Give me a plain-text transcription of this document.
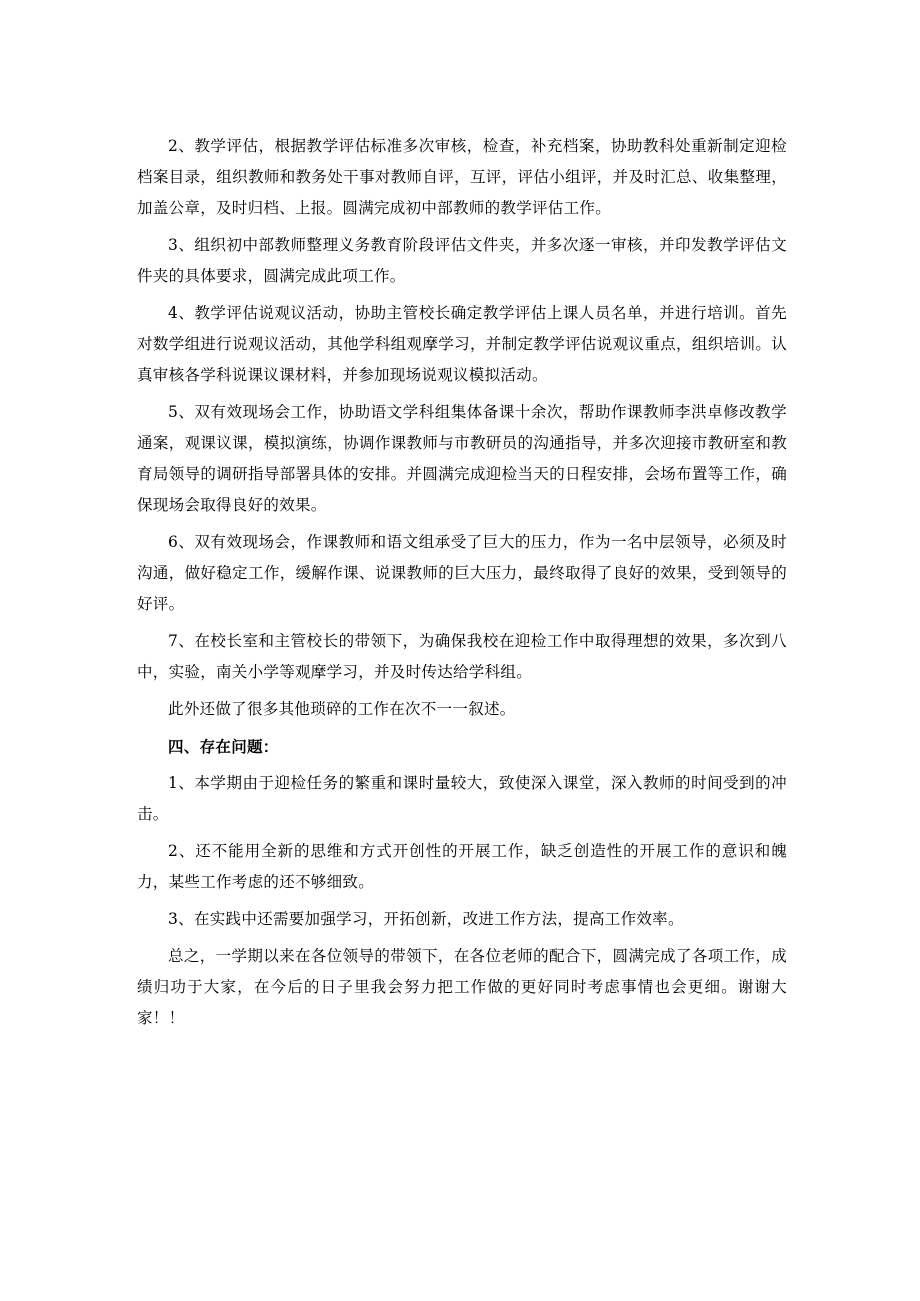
2、教学评估，根据教学评估标准多次审核，检查，补充档案，协助教科处重新制定迎检档案目录，组织教师和教务处干事对教师自评，互评，评估小组评，并及时汇总、收集整理，加盖公章，及时归档、上报。圆满完成初中部教师的教学评估工作。

3、组织初中部教师整理义务教育阶段评估文件夹，并多次逐一审核，并印发教学评估文件夹的具体要求，圆满完成此项工作。

4、教学评估说观议活动，协助主管校长确定教学评估上课人员名单，并进行培训。首先对数学组进行说观议活动，其他学科组观摩学习，并制定教学评估说观议重点，组织培训。认真审核各学科说课议课材料，并参加现场说观议模拟活动。

5、双有效现场会工作，协助语文学科组集体备课十余次，帮助作课教师李洪卓修改教学通案，观课议课，模拟演练，协调作课教师与市教研员的沟通指导，并多次迎接市教研室和教育局领导的调研指导部署具体的安排。并圆满完成迎检当天的日程安排，会场布置等工作，确保现场会取得良好的效果。

6、双有效现场会，作课教师和语文组承受了巨大的压力，作为一名中层领导，必须及时沟通，做好稳定工作，缓解作课、说课教师的巨大压力，最终取得了良好的效果，受到领导的好评。

7、在校长室和主管校长的带领下，为确保我校在迎检工作中取得理想的效果，多次到八中，实验，南关小学等观摩学习，并及时传达给学科组。

此外还做了很多其他琐碎的工作在次不一一叙述。

四、存在问题：

1、本学期由于迎检任务的繁重和课时量较大，致使深入课堂，深入教师的时间受到的冲击。

2、还不能用全新的思维和方式开创性的开展工作，缺乏创造性的开展工作的意识和魄力，某些工作考虑的还不够细致。

3、在实践中还需要加强学习，开拓创新，改进工作方法，提高工作效率。

总之，一学期以来在各位领导的带领下，在各位老师的配合下，圆满完成了各项工作，成绩归功于大家，在今后的日子里我会努力把工作做的更好同时考虑事情也会更细。谢谢大家！！
